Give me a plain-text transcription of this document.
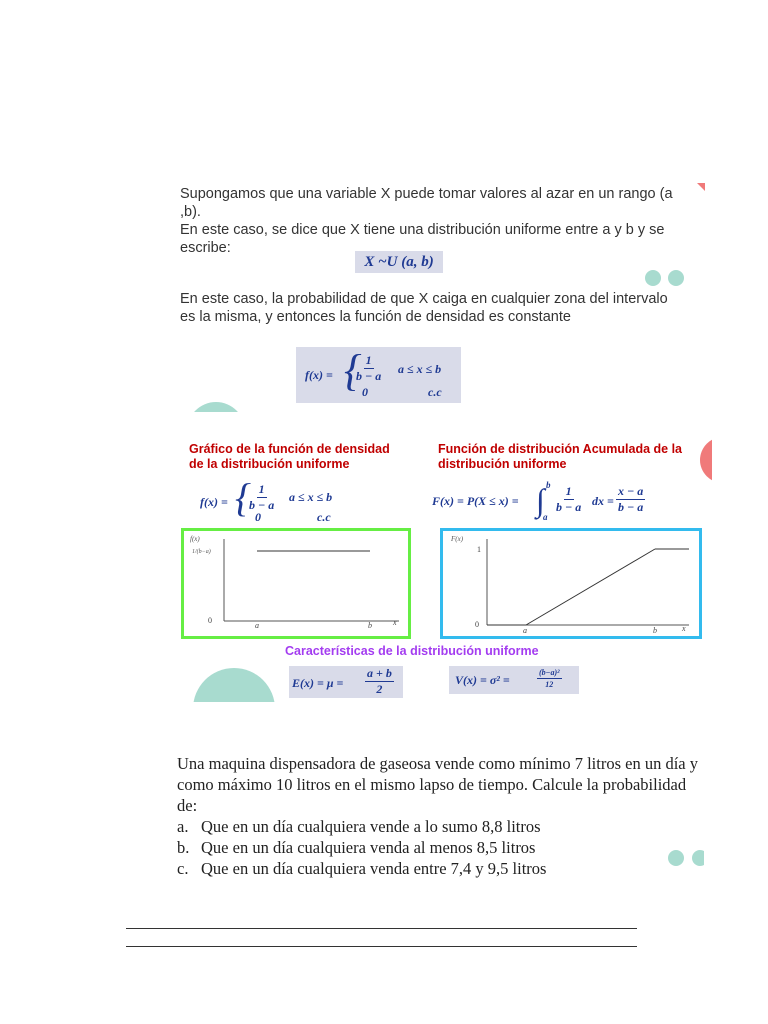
Supongamos que una variable X puede tomar valores al azar en un rango (a ,b).

En este caso, se dice que X tiene una distribución uniforme entre a y b y se

escribe:

X ~U (a, b)

En este caso, la probabilidad de que X caiga en cualquier zona del intervalo

es la misma, y entonces la función de densidad es constante

f(x) = {
$\frac{1}{b - a}$ a ≤ x ≤ b
0	c.c
Gráfico de la función de densidad
de la distribución uniforme
f(x) = {
$\frac{1}{b - a}$ a ≤ x ≤ b
0	c.c
f(x)
1/(b−a)
0
a	b	x
Función de distribución Acumulada de la
distribución uniforme
F(x) = P(X ≤ x) = ∫ b
a
$\frac{1}{b - a}$ dx = $\frac{x - a}{b - a}$
F(x)
1
0
a	b	x
Características de la distribución uniforme
$E(x) = \mu = \frac{a + b}{2}$	V(x) = σ² =	$\frac{\text{(b−a)²}}{12}$
Una maquina dispensadora de gaseosa vende como mínimo 7 litros en un día y
como máximo 10 litros en el mismo lapso de tiempo. Calcule la probabilidad de:
a. Que en un día cualquiera vende a lo sumo 8,8 litros
b. Que en un día cualquiera venda al menos 8,5 litros
c. Que en un día cualquiera venda entre 7,4 y 9,5 litros
